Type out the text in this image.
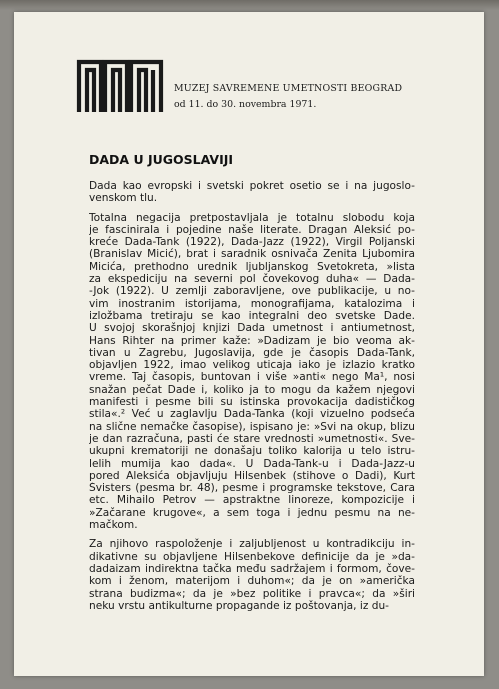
MUZEJ SAVREMENE UMETNOSTI BEOGRAD
od 11. do 30. novembra 1971.
DADA U JUGOSLAVIJI
Dada kao evropski i svetski pokret osetio se i na jugoslo-
venskom tlu.
Totalna negacija pretpostavljala je totalnu slobodu koja
je fascinirala i pojedine naše literate. Dragan Aleksić po-
kreće Dada-Tank (1922), Dada-Jazz (1922), Virgil Poljanski
(Branislav Micić), brat i saradnik osnivača Zenita Ljubomira
Micića, prethodno urednik ljubljanskog Svetokreta, »lista
za ekspediciju na severni pol čovekovog duha« — Dada-
-Jok (1922). U zemlji zaboravljene, ove publikacije, u no-
vim inostranim istorijama, monografijama, katalozima i
izložbama tretiraju se kao integralni deo svetske Dade.
U svojoj skorašnjoj knjizi Dada umetnost i antiumetnost,
Hans Rihter na primer kaže: »Dadizam je bio veoma ak-
tivan u Zagrebu, Jugoslavija, gde je časopis Dada-Tank,
objavljen 1922, imao velikog uticaja iako je izlazio kratko
vreme. Taj časopis, buntovan i više »anti« nego Ma¹, nosi
snažan pečat Dade i, koliko ja to mogu da kažem njegovi
manifesti i pesme bili su istinska provokacija dadističkog
stila«.² Već u zaglavlju Dada-Tanka (koji vizuelno podseća
na slične nemačke časopise), ispisano je: »Svi na okup, blizu
je dan razračuna, pasti će stare vrednosti »umetnosti«. Sve-
ukupni krematoriji ne donašaju toliko kalorija u telo istru-
lelih mumija kao dada«. U Dada-Tank-u i Dada-Jazz-u
pored Aleksića objavljuju Hilsenbek (stihove o Dadi), Kurt
Švisters (pesma br. 48), pesme i programske tekstove, Cara
etc. Mihailo Petrov — apstraktne linoreze, kompozicije i
»Začarane krugove«, a sem toga i jednu pesmu na ne-
mačkom.
Za njihovo raspoloženje i zaljubljenost u kontradikciju in-
dikativne su objavljene Hilsenbekove definicije da je »da-
dadaizam indirektna tačka među sadržajem i formom, čove-
kom i ženom, materijom i duhom«; da je on »američka
strana budizma«; da je »bez politike i pravca«; da »širi
neku vrstu antikulturne propagande iz poštovanja, iz du-
